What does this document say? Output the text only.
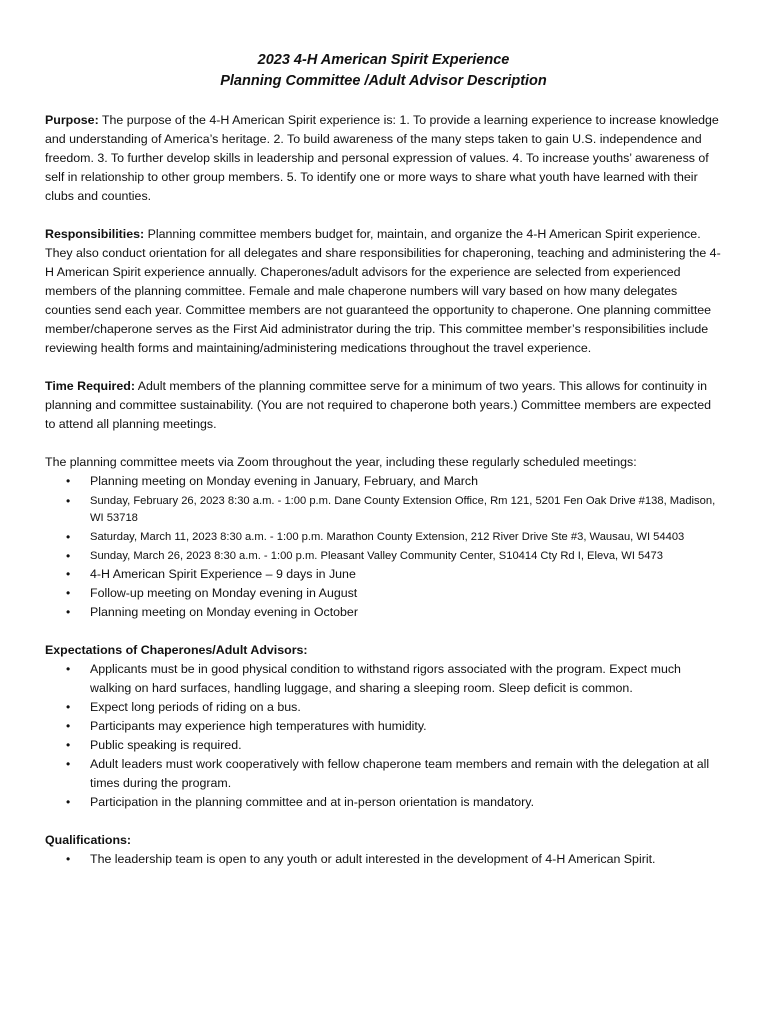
2023 4-H American Spirit Experience
Planning Committee /Adult Advisor Description

Purpose: The purpose of the 4-H American Spirit experience is: 1. To provide a learning experience to increase knowledge and understanding of America’s heritage. 2. To build awareness of the many steps taken to gain U.S. independence and freedom. 3. To further develop skills in leadership and personal expression of values. 4. To increase youths’ awareness of self in relationship to other group members. 5. To identify one or more ways to share what youth have learned with their clubs and counties.

Responsibilities: Planning committee members budget for, maintain, and organize the 4-H American Spirit experience. They also conduct orientation for all delegates and share responsibilities for chaperoning, teaching and administering the 4-H American Spirit experience annually. Chaperones/adult advisors for the experience are selected from experienced members of the planning committee. Female and male chaperone numbers will vary based on how many delegates counties send each year. Committee members are not guaranteed the opportunity to chaperone. One planning committee member/chaperone serves as the First Aid administrator during the trip. This committee member’s responsibilities include reviewing health forms and maintaining/administering medications throughout the travel experience.

Time Required: Adult members of the planning committee serve for a minimum of two years. This allows for continuity in planning and committee sustainability. (You are not required to chaperone both years.) Committee members are expected to attend all planning meetings.

The planning committee meets via Zoom throughout the year, including these regularly scheduled meetings:

• Planning meeting on Monday evening in January, February, and March
• Sunday, February 26, 2023 8:30 a.m. - 1:00 p.m. Dane County Extension Office, Rm 121, 5201 Fen Oak Drive #138, Madison, WI 53718
• Saturday, March 11, 2023 8:30 a.m. - 1:00 p.m. Marathon County Extension, 212 River Drive Ste #3, Wausau, WI 54403
• Sunday, March 26, 2023 8:30 a.m. - 1:00 p.m. Pleasant Valley Community Center, S10414 Cty Rd I, Eleva, WI 5473
• 4-H American Spirit Experience – 9 days in June
• Follow-up meeting on Monday evening in August
• Planning meeting on Monday evening in October
Expectations of Chaperones/Adult Advisors:
• Applicants must be in good physical condition to withstand rigors associated with the program. Expect much walking on hard surfaces, handling luggage, and sharing a sleeping room. Sleep deficit is common.
• Expect long periods of riding on a bus.
• Participants may experience high temperatures with humidity.
• Public speaking is required.
• Adult leaders must work cooperatively with fellow chaperone team members and remain with the delegation at all times during the program.
• Participation in the planning committee and at in-person orientation is mandatory.
Qualifications:
• The leadership team is open to any youth or adult interested in the development of 4-H American Spirit.
